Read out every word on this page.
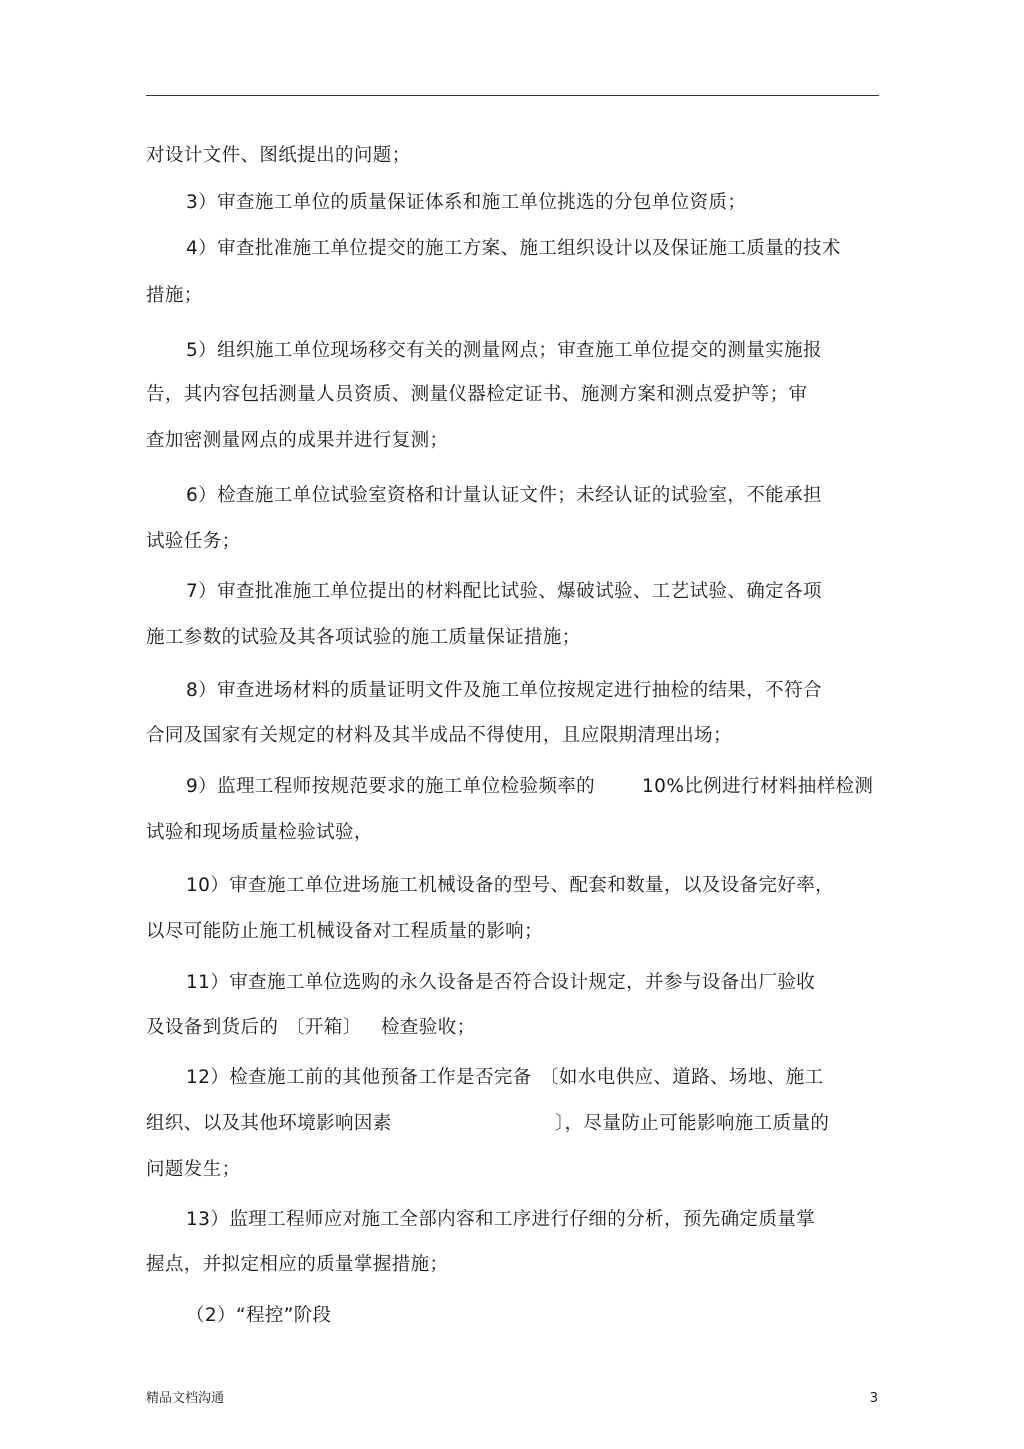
对设计文件、图纸提出的问题；
3）审查施工单位的质量保证体系和施工单位挑选的分包单位资质；
4）审查批准施工单位提交的施工方案、施工组织设计以及保证施工质量的技术
措施；
5）组织施工单位现场移交有关的测量网点；审查施工单位提交的测量实施报
告，其内容包括测量人员资质、测量仪器检定证书、施测方案和测点爱护等；审
查加密测量网点的成果并进行复测；
6）检查施工单位试验室资格和计量认证文件；未经认证的试验室，不能承担
试验任务；
7）审查批准施工单位提出的材料配比试验、爆破试验、工艺试验、确定各项
施工参数的试验及其各项试验的施工质量保证措施；
8）审查进场材料的质量证明文件及施工单位按规定进行抽检的结果，不符合
合同及国家有关规定的材料及其半成品不得使用，且应限期清理出场；
9）监理工程师按规范要求的施工单位检验频率的	10%比例进行材料抽样检测
试验和现场质量检验试验，
10）审查施工单位进场施工机械设备的型号、配套和数量，以及设备完好率，
以尽可能防止施工机械设备对工程质量的影响；
11）审查施工单位选购的永久设备是否符合设计规定，并参与设备出厂验收
及设备到货后的 〔开箱〕 检查验收；
12）检查施工前的其他预备工作是否完备 〔如水电供应、道路、场地、施工
组织、以及其他环境影响因素	〕，尽量防止可能影响施工质量的
问题发生；
13）监理工程师应对施工全部内容和工序进行仔细的分析，预先确定质量掌
握点，并拟定相应的质量掌握措施；
（2）“程控”阶段
精品文档沟通	3
